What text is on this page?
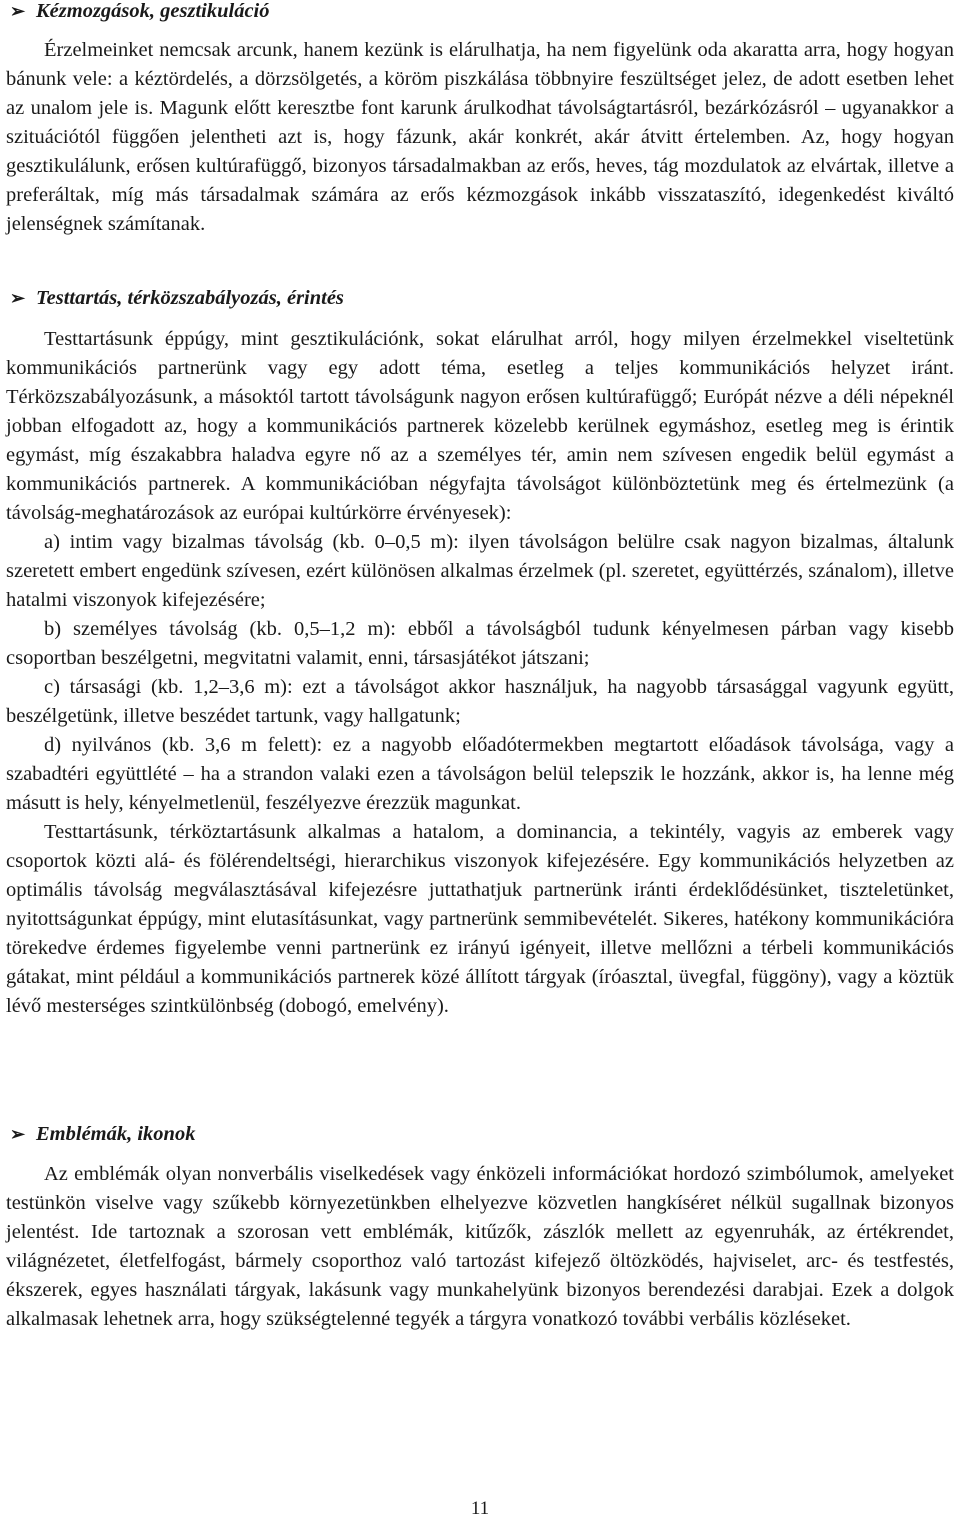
➢ Kézmozgások, gesztikuláció

Érzelmeinket nemcsak arcunk, hanem kezünk is elárulhatja, ha nem figyelünk oda akaratta arra, hogy hogyan bánunk vele: a kéztördelés, a dörzsölgetés, a köröm piszkálása többnyire feszültséget jelez, de adott esetben lehet az unalom jele is. Magunk előtt keresztbe font karunk árulkodhat távolságtartásról, bezárkózásról – ugyanakkor a szituációtól függően jelentheti azt is, hogy fázunk, akár konkrét, akár átvitt értelemben. Az, hogy hogyan gesztikulálunk, erősen kultúrafüggő, bizonyos társadalmakban az erős, heves, tág mozdulatok az elvártak, illetve a preferáltak, míg más társadalmak számára az erős kézmozgások inkább visszataszító, idegenkedést kiváltó jelenségnek számítanak.

➢ Testtartás, térközszabályozás, érintés

Testtartásunk éppúgy, mint gesztikulációnk, sokat elárulhat arról, hogy milyen érzelmekkel viseltetünk kommunikációs partnerünk vagy egy adott téma, esetleg a teljes kommunikációs helyzet iránt. Térközszabályozásunk, a másoktól tartott távolságunk nagyon erősen kultúrafüggő; Európát nézve a déli népeknél jobban elfogadott az, hogy a kommunikációs partnerek közelebb kerülnek egymáshoz, esetleg meg is érintik egymást, míg északabbra haladva egyre nő az a személyes tér, amin nem szívesen engedik belül egymást a kommunikációs partnerek. A kommunikációban négyfajta távolságot különböztetünk meg és értelmezünk (a távolság-meghatározások az európai kultúrkörre érvényesek):

a) intim vagy bizalmas távolság (kb. 0–0,5 m): ilyen távolságon belülre csak nagyon bizalmas, általunk szeretett embert engedünk szívesen, ezért különösen alkalmas érzelmek (pl. szeretet, együttérzés, szánalom), illetve hatalmi viszonyok kifejezésére;

b) személyes távolság (kb. 0,5–1,2 m): ebből a távolságból tudunk kényelmesen párban vagy kisebb csoportban beszélgetni, megvitatni valamit, enni, társasjátékot játszani;

c) társasági (kb. 1,2–3,6 m): ezt a távolságot akkor használjuk, ha nagyobb társasággal vagyunk együtt, beszélgetünk, illetve beszédet tartunk, vagy hallgatunk;

d) nyilvános (kb. 3,6 m felett): ez a nagyobb előadótermekben megtartott előadások távolsága, vagy a szabadtéri együttlété – ha a strandon valaki ezen a távolságon belül telepszik le hozzánk, akkor is, ha lenne még másutt is hely, kényelmetlenül, feszélyezve érezzük magunkat.

Testtartásunk, térköztartásunk alkalmas a hatalom, a dominancia, a tekintély, vagyis az emberek vagy csoportok közti alá- és fölérendeltségi, hierarchikus viszonyok kifejezésére. Egy kommunikációs helyzetben az optimális távolság megválasztásával kifejezésre juttathatjuk partnerünk iránti érdeklődésünket, tiszteletünket, nyitottságunkat éppúgy, mint elutasításunkat, vagy partnerünk semmibevételét. Sikeres, hatékony kommunikációra törekedve érdemes figyelembe venni partnerünk ez irányú igényeit, illetve mellőzni a térbeli kommunikációs gátakat, mint például a kommunikációs partnerek közé állított tárgyak (íróasztal, üvegfal, függöny), vagy a köztük lévő mesterséges szintkülönbség (dobogó, emelvény).

➢ Emblémák, ikonok

Az emblémák olyan nonverbális viselkedések vagy énközeli információkat hordozó szimbólumok, amelyeket testünkön viselve vagy szűkebb környezetünkben elhelyezve közvetlen hangkíséret nélkül sugallnak bizonyos jelentést. Ide tartoznak a szorosan vett emblémák, kitűzők, zászlók mellett az egyenruhák, az értékrendet, világnézetet, életfelfogást, bármely csoporthoz való tartozást kifejező öltözködés, hajviselet, arc- és testfestés, ékszerek, egyes használati tárgyak, lakásunk vagy munkahelyünk bizonyos berendezési darabjai. Ezek a dolgok alkalmasak lehetnek arra, hogy szükségtelenné tegyék a tárgyra vonatkozó további verbális közléseket.

11
